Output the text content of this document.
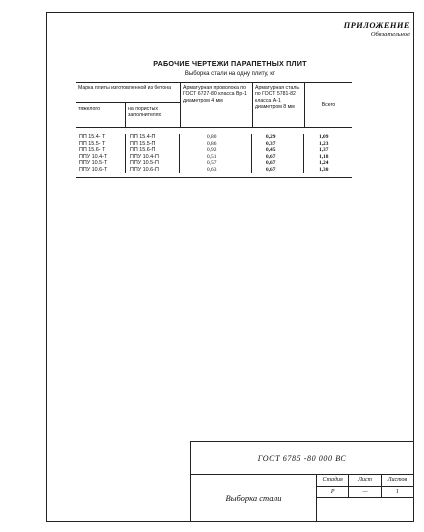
ПРИЛОЖЕНИЕ
Обязательное
РАБОЧИЕ ЧЕРТЕЖИ ПАРАПЕТНЫХ ПЛИТ
Выборка стали на одну плиту, кг
Марка плиты изготовленной из бетона
тяжелого	на пористых заполнителях
Арматурная проволока по ГОСТ 6727-80 класса Вр-1 диаметром 4 мм
Арматурная сталь по ГОСТ 5781-82 класса А-1 диаметром 8 мм	Всего
ПП 15.4- Т
ПП 15.5- Т
ПП 15.6- Т
ППУ 10.4-Т
ППУ 10.5-Т
ППУ 10.6-Т
ПП 15.4-П
ПП 15.5-П
ПП 15.6-П
ППУ 10.4-П
ППУ 10.5-П
ППУ 10.6-П
0,80
0,86
0,92
0,51
0,57
0,63
0,29
0,37
0,45
0,67
0,67
0,67
1,09
1,23
1,37
1,18
1,24
1,30
ГОСТ 6785 -80 000 ВС
Выборка стали
Стадия
Р
Лист
—
Листов
1
